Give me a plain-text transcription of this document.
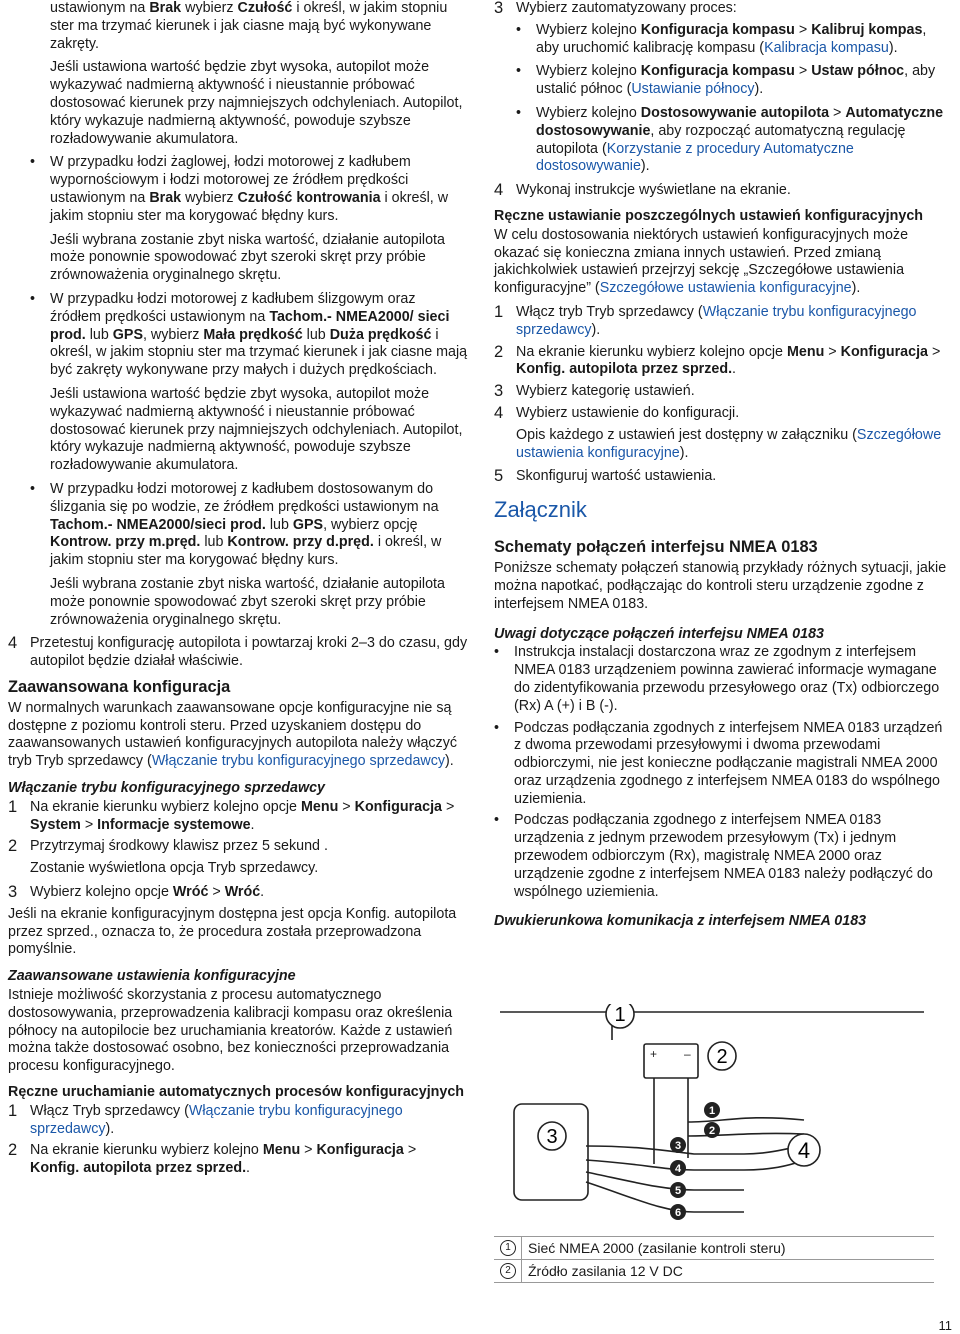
ustawionym na Brak wybierz Czułość i określ, w jakim stopniu ster ma trzymać kierunek i jak ciasne mają być wykonywane zakręty.
Jeśli ustawiona wartość będzie zbyt wysoka, autopilot może wykazywać nadmierną aktywność i nieustannie próbować dostosować kierunek przy najmniejszych odchyleniach. Autopilot, który wykazuje nadmierną aktywność, powoduje szybsze rozładowywanie akumulatora.
• W przypadku łodzi żaglowej, łodzi motorowej z kadłubem wypornościowym i łodzi motorowej ze źródłem prędkości ustawionym na Brak wybierz Czułość kontrowania i określ, w jakim stopniu ster ma korygować błędny kurs.
Jeśli wybrana zostanie zbyt niska wartość, działanie autopilota może ponownie spowodować zbyt szeroki skręt przy próbie zrównoważenia oryginalnego skrętu.
• W przypadku łodzi motorowej z kadłubem ślizgowym oraz źródłem prędkości ustawionym na Tachom.- NMEA2000/ sieci prod. lub GPS, wybierz Mała prędkość lub Duża prędkość i określ, w jakim stopniu ster ma trzymać kierunek i jak ciasne mają być zakręty wykonywane przy małych i dużych prędkościach.
Jeśli ustawiona wartość będzie zbyt wysoka, autopilot może wykazywać nadmierną aktywność i nieustannie próbować dostosować kierunek przy najmniejszych odchyleniach. Autopilot, który wykazuje nadmierną aktywność, powoduje szybsze rozładowywanie akumulatora.
• W przypadku łodzi motorowej z kadłubem dostosowanym do ślizgania się po wodzie, ze źródłem prędkości ustawionym na Tachom.- NMEA2000/sieci prod. lub GPS, wybierz opcję Kontrow. przy m.pręd. lub Kontrow. przy d.pręd. i określ, w jakim stopniu ster ma korygować błędny kurs.
Jeśli wybrana zostanie zbyt niska wartość, działanie autopilota może ponownie spowodować zbyt szeroki skręt przy próbie zrównoważenia oryginalnego skrętu.
4 Przetestuj konfigurację autopilota i powtarzaj kroki 2–3 do czasu, gdy autopilot będzie działał właściwie.
Zaawansowana konfiguracja
W normalnych warunkach zaawansowane opcje konfiguracyjne nie są dostępne z poziomu kontroli steru. Przed uzyskaniem dostępu do zaawansowanych ustawień konfiguracyjnych autopilota należy włączyć tryb Tryb sprzedawcy (Włączanie trybu konfiguracyjnego sprzedawcy).
Włączanie trybu konfiguracyjnego sprzedawcy
1 Na ekranie kierunku wybierz kolejno opcje Menu > Konfiguracja > System > Informacje systemowe.
2 Przytrzymaj środkowy klawisz przez 5 sekund .
Zostanie wyświetlona opcja Tryb sprzedawcy.
3 Wybierz kolejno opcje Wróć > Wróć.
Jeśli na ekranie konfiguracyjnym dostępna jest opcja Konfig. autopilota przez sprzed., oznacza to, że procedura została przeprowadzona pomyślnie.
Zaawansowane ustawienia konfiguracyjne
Istnieje możliwość skorzystania z procesu automatycznego dostosowywania, przeprowadzenia kalibracji kompasu oraz określenia północy na autopilocie bez uruchamiania kreatorów. Każde z ustawień można także dostosować osobno, bez konieczności przeprowadzania procesu konfiguracyjnego.
Ręczne uruchamianie automatycznych procesów konfiguracyjnych
1 Włącz Tryb sprzedawcy (Włączanie trybu konfiguracyjnego sprzedawcy).
2 Na ekranie kierunku wybierz kolejno Menu > Konfiguracja > Konfig. autopilota przez sprzed..
3 Wybierz zautomatyzowany proces:
• Wybierz kolejno Konfiguracja kompasu > Kalibruj kompas, aby uruchomić kalibrację kompasu (Kalibracja kompasu).
• Wybierz kolejno Konfiguracja kompasu > Ustaw północ, aby ustalić północ (Ustawianie północy).
• Wybierz kolejno Dostosowywanie autopilota > Automatyczne dostosowywanie, aby rozpocząć automatyczną regulację autopilota (Korzystanie z procedury Automatyczne dostosowywanie).
4 Wykonaj instrukcje wyświetlane na ekranie.
Ręczne ustawianie poszczególnych ustawień konfiguracyjnych
W celu dostosowania niektórych ustawień konfiguracyjnych może okazać się konieczna zmiana innych ustawień. Przed zmianą jakichkolwiek ustawień przejrzyj sekcję „Szczegółowe ustawienia konfiguracyjne” (Szczegółowe ustawienia konfiguracyjne).
1 Włącz tryb Tryb sprzedawcy (Włączanie trybu konfiguracyjnego sprzedawcy).
2 Na ekranie kierunku wybierz kolejno opcje Menu > Konfiguracja > Konfig. autopilota przez sprzed..
3 Wybierz kategorię ustawień.
4 Wybierz ustawienie do konfiguracji.
Opis każdego z ustawień jest dostępny w załączniku (Szczegółowe ustawienia konfiguracyjne).
5 Skonfiguruj wartość ustawienia.
Załącznik
Schematy połączeń interfejsu NMEA 0183
Poniższe schematy połączeń stanowią przykłady różnych sytuacji, jakie można napotkać, podłączając do kontroli steru urządzenie zgodne z interfejsem NMEA 0183.
Uwagi dotyczące połączeń interfejsu NMEA 0183
• Instrukcja instalacji dostarczona wraz ze zgodnym z interfejsem NMEA 0183 urządzeniem powinna zawierać informacje wymagane do zidentyfikowania przewodu przesyłowego oraz (Tx) odbiorczego (Rx) A (+) i B (-).
• Podczas podłączania zgodnych z interfejsem NMEA 0183 urządzeń z dwoma przewodami przesyłowymi i dwoma przewodami odbiorczymi, nie jest konieczne podłączanie magistrali NMEA 2000 oraz urządzenia zgodnego z interfejsem NMEA 0183 do wspólnego uziemienia.
• Podczas podłączania zgodnego z interfejsem NMEA 0183 urządzenia z jednym przewodem przesyłowym (Tx) i jednym przewodem odbiorczym (Rx), magistralę NMEA 2000 oraz urządzenie zgodne z interfejsem NMEA 0183 należy podłączyć do wspólnego uziemienia.
Dwukierunkowa komunikacja z interfejsem NMEA 0183
+ –
1
2
3
4
1
2
3
4
5
6
1	Sieć NMEA 2000 (zasilanie kontroli steru)
2	Źródło zasilania 12 V DC
11
